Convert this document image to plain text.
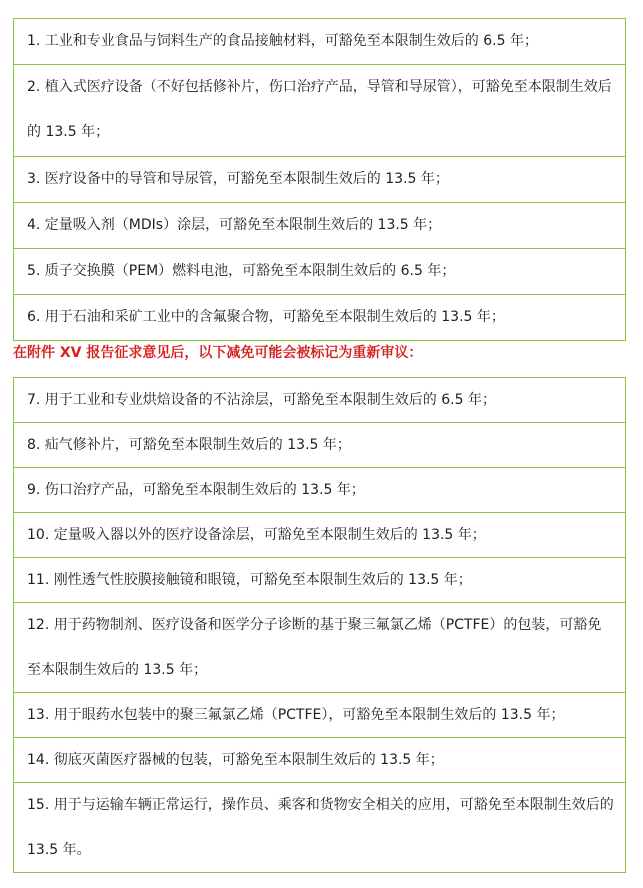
1. 工业和专业食品与饲料生产的食品接触材料，可豁免至本限制生效后的 6.5 年；
2. 植入式医疗设备（不好包括修补片，伤口治疗产品，导管和导尿管），可豁免至本限制生效后的 13.5 年；
3. 医疗设备中的导管和导尿管，可豁免至本限制生效后的 13.5 年；
4. 定量吸入剂（MDIs）涂层，可豁免至本限制生效后的 13.5 年；
5. 质子交换膜（PEM）燃料电池，可豁免至本限制生效后的 6.5 年；
6. 用于石油和采矿工业中的含氟聚合物，可豁免至本限制生效后的 13.5 年；
在附件 XV 报告征求意见后，以下减免可能会被标记为重新审议：
7. 用于工业和专业烘焙设备的不沾涂层，可豁免至本限制生效后的 6.5 年；
8. 疝气修补片，可豁免至本限制生效后的 13.5 年；
9. 伤口治疗产品，可豁免至本限制生效后的 13.5 年；
10. 定量吸入器以外的医疗设备涂层，可豁免至本限制生效后的 13.5 年；
11. 刚性透气性胶膜接触镜和眼镜，可豁免至本限制生效后的 13.5 年；
12. 用于药物制剂、医疗设备和医学分子诊断的基于聚三氟氯乙烯（PCTFE）的包装，可豁免至本限制生效后的 13.5 年；
13. 用于眼药水包装中的聚三氟氯乙烯（PCTFE），可豁免至本限制生效后的 13.5 年；
14. 彻底灭菌医疗器械的包装，可豁免至本限制生效后的 13.5 年；
15. 用于与运输车辆正常运行，操作员、乘客和货物安全相关的应用，可豁免至本限制生效后的 13.5 年。
